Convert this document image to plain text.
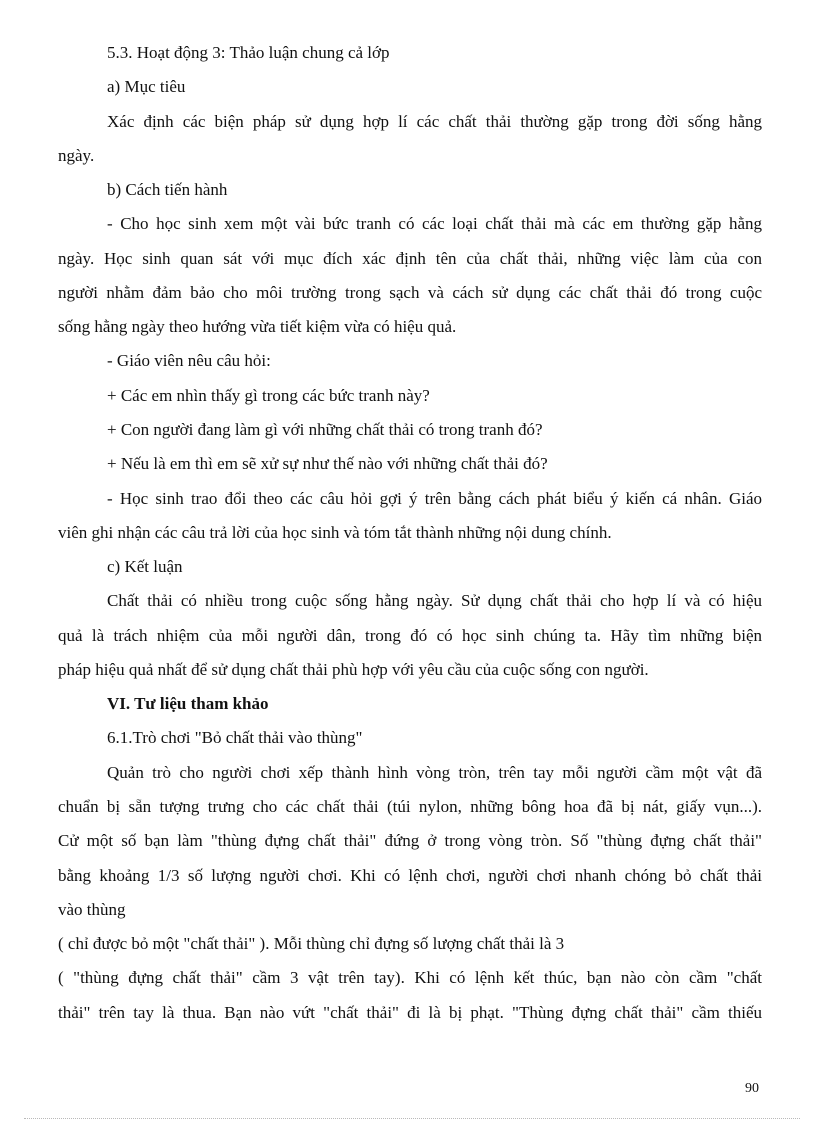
5.3. Hoạt động 3: Thảo luận chung cả lớp

a) Mục tiêu

Xác định các biện pháp sử dụng hợp lí các chất thải thường gặp trong đời sống hằng

ngày.

b) Cách tiến hành

- Cho học sinh xem một vài bức tranh có các loại chất thải mà các em thường gặp hằng

ngày. Học sinh quan sát với mục đích xác định tên của chất thải, những việc làm của con

người nhằm đảm bảo cho môi trường trong sạch và cách sử dụng các chất thải đó trong cuộc

sống hằng ngày theo hướng vừa tiết kiệm vừa có hiệu quả.

- Giáo viên nêu câu hỏi:

+ Các em nhìn thấy gì trong các bức tranh này?

+ Con người đang làm gì với những chất thải có trong tranh đó?

+ Nếu là em thì em sẽ xử sự như thế nào với những chất thải đó?

- Học sinh trao đổi theo các câu hỏi gợi ý trên bằng cách phát biểu ý kiến cá nhân. Giáo

viên ghi nhận các câu trả lời của học sinh và tóm tắt thành những nội dung chính.

c) Kết luận

Chất thải có nhiều trong cuộc sống hằng ngày. Sử dụng chất thải cho hợp lí và có hiệu

quả là trách nhiệm của mỗi người dân, trong đó có học sinh chúng ta. Hãy tìm những biện

pháp hiệu quả nhất để sử dụng chất thải phù hợp với yêu cầu của cuộc sống con người.

VI. Tư liệu tham khảo

6.1.Trò chơi "Bỏ chất thải vào thùng"

Quản trò cho người chơi xếp thành hình vòng tròn, trên tay mỗi người cầm một vật đã

chuẩn bị sẵn tượng trưng cho các chất thải (túi nylon, những bông hoa đã bị nát, giấy vụn...).

Cử một số bạn làm "thùng đựng chất thải" đứng ở trong vòng tròn. Số "thùng đựng chất thải"

bằng khoảng 1/3 số lượng người chơi. Khi có lệnh chơi, người chơi nhanh chóng bỏ chất thải

vào thùng

( chỉ được bỏ một "chất thải" ). Mỗi thùng chỉ đựng số lượng chất thải là 3

( "thùng đựng chất thải" cầm 3 vật trên tay). Khi có lệnh kết thúc, bạn nào còn cầm "chất

thải" trên tay là thua. Bạn nào vứt "chất thải" đi là bị phạt. "Thùng đựng chất thải" cầm thiếu

90
